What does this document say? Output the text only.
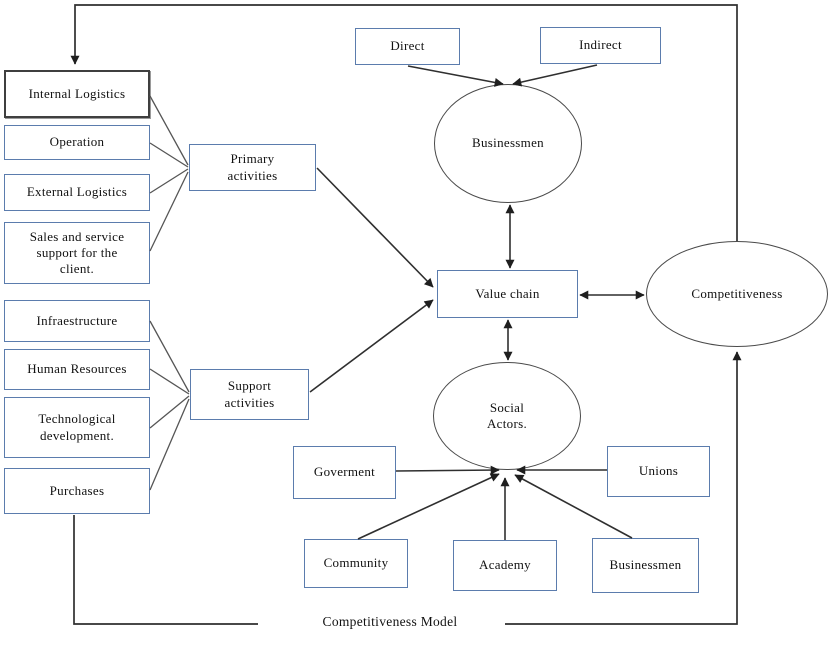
Internal Logistics
Operation
External Logistics
Sales and service support for the client.
Infraestructure
Human Resources
Technological development.
Purchases
Primary activities
Support activities
Direct	Indirect
Businessmen
Value chain	Competitiveness
Social Actors.
Goverment	Unions
Community	Academy	Businessmen
Competitiveness Model
